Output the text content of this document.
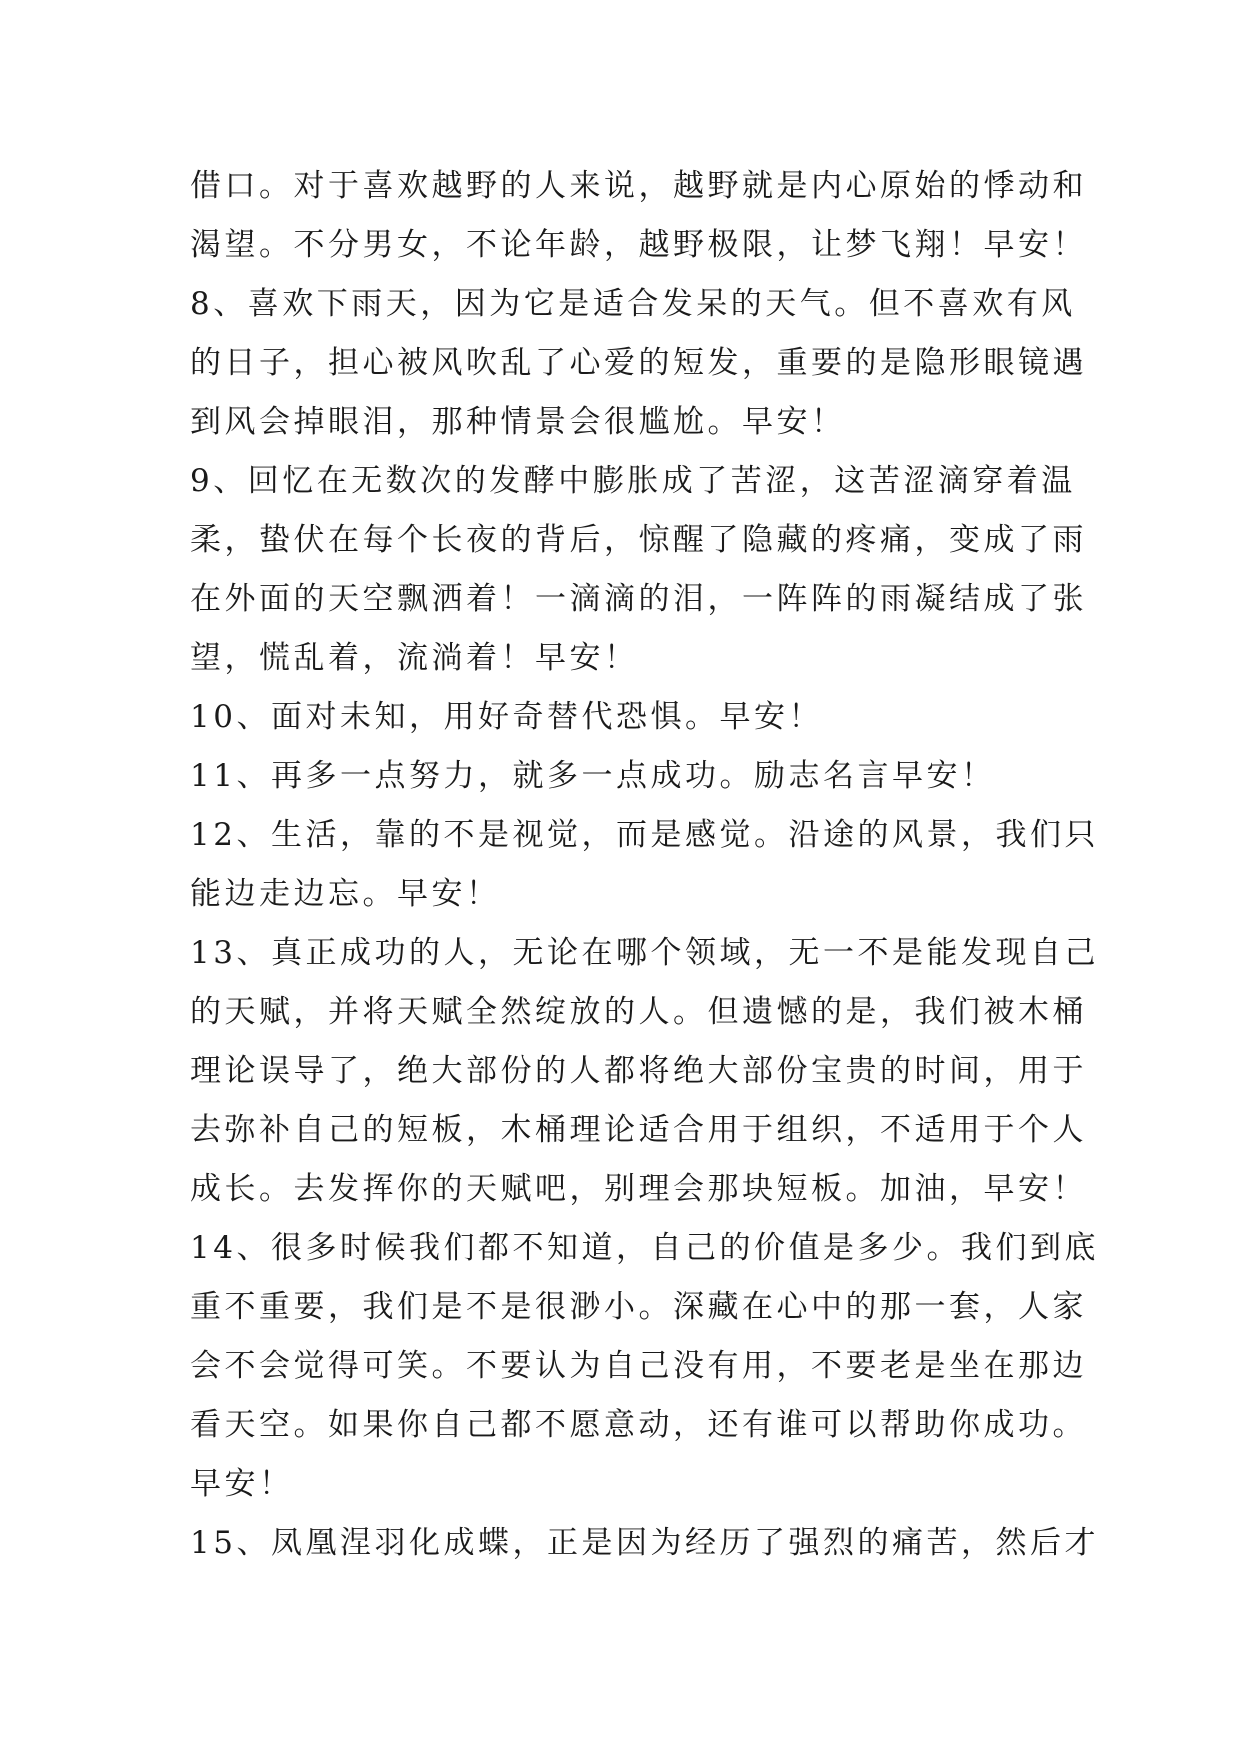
借口。对于喜欢越野的人来说，越野就是内心原始的悸动和
渴望。不分男女，不论年龄，越野极限，让梦飞翔！早安！
8、喜欢下雨天，因为它是适合发呆的天气。但不喜欢有风
的日子，担心被风吹乱了心爱的短发，重要的是隐形眼镜遇
到风会掉眼泪，那种情景会很尴尬。早安！
9、回忆在无数次的发酵中膨胀成了苦涩，这苦涩滴穿着温
柔，蛰伏在每个长夜的背后，惊醒了隐藏的疼痛，变成了雨
在外面的天空飘洒着！一滴滴的泪，一阵阵的雨凝结成了张
望，慌乱着，流淌着！早安！
10、面对未知，用好奇替代恐惧。早安！
11、再多一点努力，就多一点成功。励志名言早安！
12、生活，靠的不是视觉，而是感觉。沿途的风景，我们只
能边走边忘。早安！
13、真正成功的人，无论在哪个领域，无一不是能发现自己
的天赋，并将天赋全然绽放的人。但遗憾的是，我们被木桶
理论误导了，绝大部份的人都将绝大部份宝贵的时间，用于
去弥补自己的短板，木桶理论适合用于组织，不适用于个人
成长。去发挥你的天赋吧，别理会那块短板。加油，早安！
14、很多时候我们都不知道，自己的价值是多少。我们到底
重不重要，我们是不是很渺小。深藏在心中的那一套，人家
会不会觉得可笑。不要认为自己没有用，不要老是坐在那边
看天空。如果你自己都不愿意动，还有谁可以帮助你成功。
早安！
15、凤凰涅羽化成蝶，正是因为经历了强烈的痛苦，然后才
